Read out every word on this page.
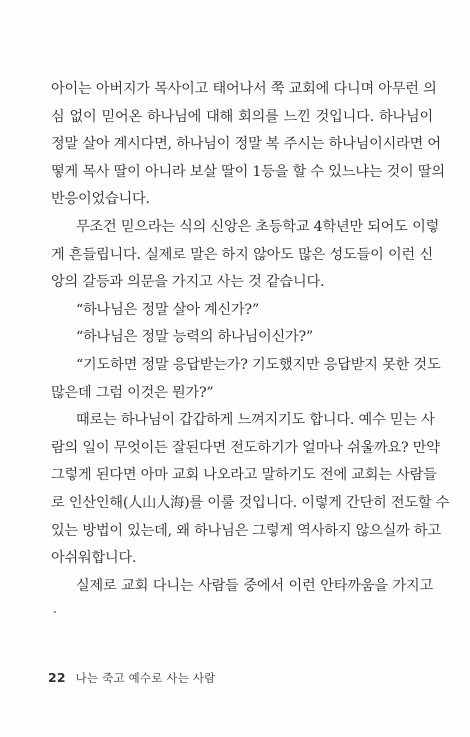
아이는 아버지가 목사이고 태어나서 쭉 교회에 다니며 아무런 의
심 없이 믿어온 하나님에 대해 회의를 느낀 것입니다. 하나님이
정말 살아 계시다면, 하나님이 정말 복 주시는 하나님이시라면 어
떻게 목사 딸이 아니라 보살 딸이 1등을 할 수 있느냐는 것이 딸의
반응이었습니다.

무조건 믿으라는 식의 신앙은 초등학교 4학년만 되어도 이렇
게 흔들립니다. 실제로 말은 하지 않아도 많은 성도들이 이런 신
앙의 갈등과 의문을 가지고 사는 것 같습니다.

“하나님은 정말 살아 계신가?”

“하나님은 정말 능력의 하나님이신가?”

“기도하면 정말 응답받는가? 기도했지만 응답받지 못한 것도
많은데 그럼 이것은 뭔가?”

때로는 하나님이 갑갑하게 느껴지기도 합니다. 예수 믿는 사
람의 일이 무엇이든 잘된다면 전도하기가 얼마나 쉬울까요? 만약
그렇게 된다면 아마 교회 나오라고 말하기도 전에 교회는 사람들
로 인산인해(人山人海)를 이룰 것입니다. 이렇게 간단히 전도할 수
있는 방법이 있는데, 왜 하나님은 그렇게 역사하지 않으실까 하고
아쉬워합니다.

실제로 교회 다니는 사람들 중에서 이런 안타까움을 가지고

22 나는 죽고 예수로 사는 사람
